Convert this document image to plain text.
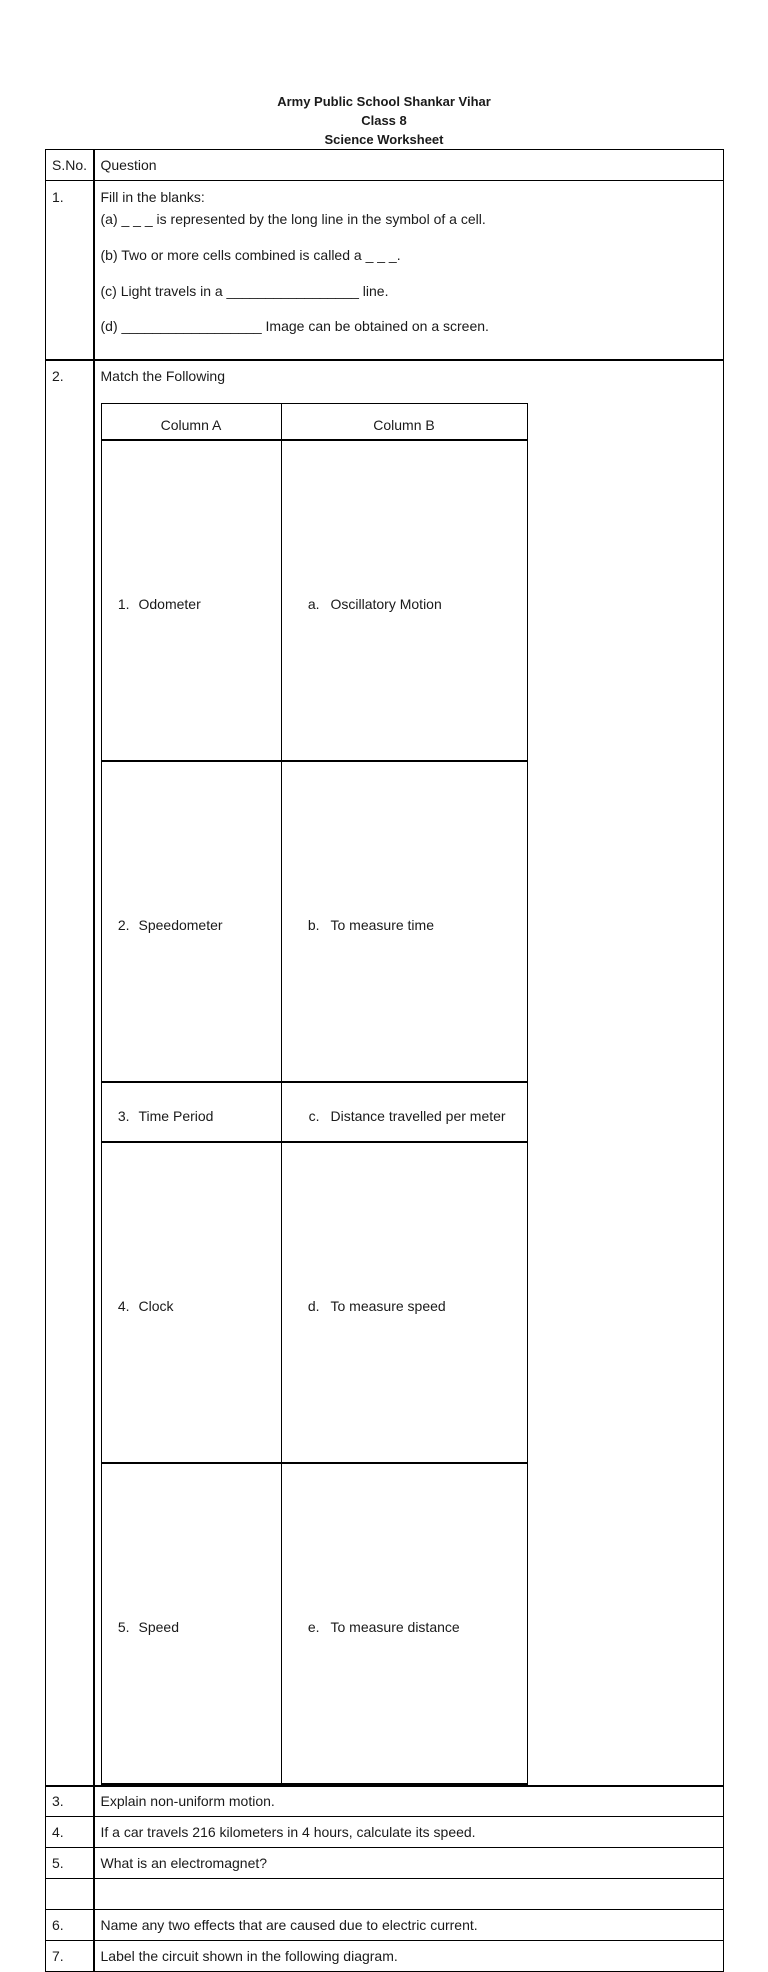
Army Public School Shankar Vihar
Class 8
Science Worksheet
S.No.	Question
1.	Fill in the blanks:
(a) _ _ _ is represented by the long line in the symbol of a cell.
(b) Two or more cells combined is called a _ _ _.
(c) Light travels in a _________________ line.
(d) __________________ Image can be obtained on a screen.

2.	Match the Following
Column A	Column B
1. Odometer	a. Oscillatory Motion
2. Speedometer	b. To measure time
3. Time Period	c. Distance travelled per meter
4. Clock	d. To measure speed
5. Speed	e. To measure distance

3.	Explain non-uniform motion.
4.	If a car travels 216 kilometers in 4 hours, calculate its speed.
5.	What is an electromagnet?

6.	Name any two effects that are caused due to electric current.
7.	Label the circuit shown in the following diagram.
